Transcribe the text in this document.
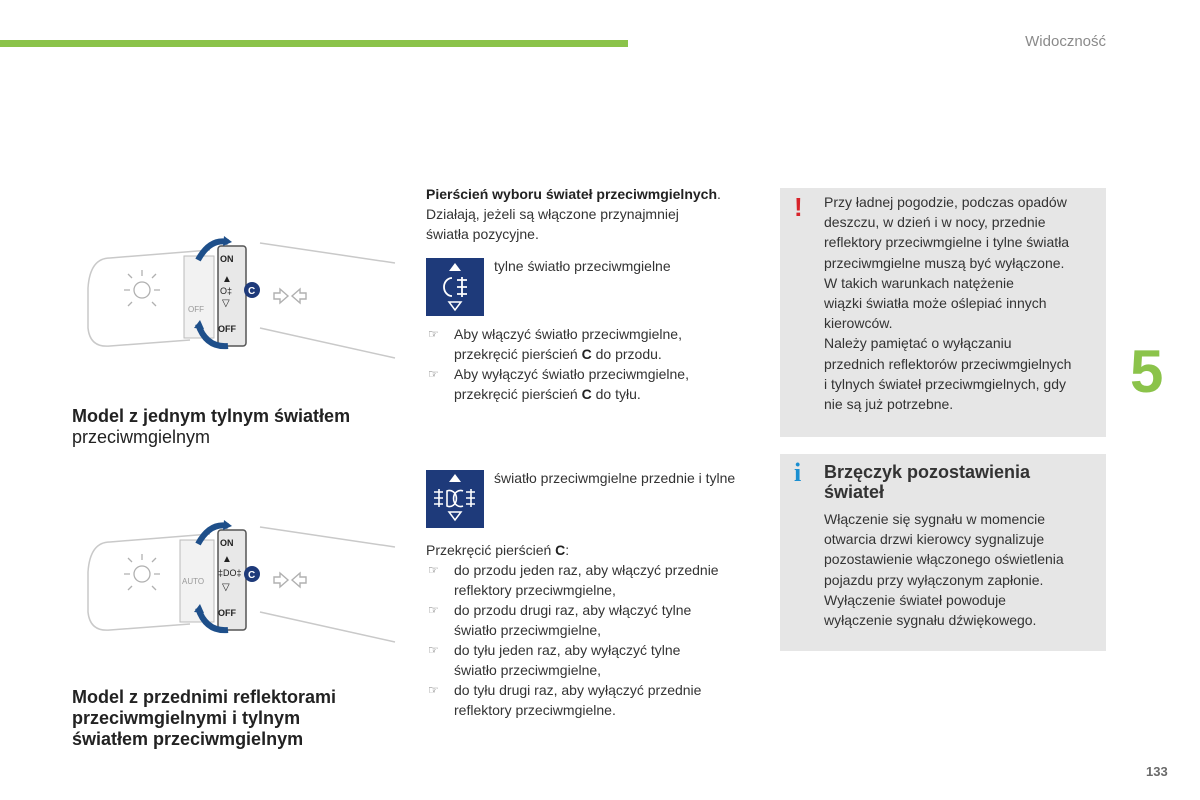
Widoczność
5
133
ON
▲
O‡
▽
OFF
OFF
C
Model z jednym tylnym światłem
przeciwmgielnym
ON
▲
‡DO‡
▽
OFF
AUTO
C
Model z przednimi reflektorami
przeciwmgielnymi i tylnym
światłem przeciwmgielnym
Pierścień wyboru świateł przeciwmgielnych.
Działają, jeżeli są włączone przynajmniej
światła pozycyjne.
tylne światło przeciwmgielne
☞ Aby włączyć światło przeciwmgielne,
przekręcić pierścień C do przodu.
☞ Aby wyłączyć światło przeciwmgielne,
przekręcić pierścień C do tyłu.
światło przeciwmgielne przednie i tylne
Przekręcić pierścień C:
☞ do przodu jeden raz, aby włączyć przednie
reflektory przeciwmgielne,
☞ do przodu drugi raz, aby włączyć tylne
światło przeciwmgielne,
☞ do tyłu jeden raz, aby wyłączyć tylne
światło przeciwmgielne,
☞ do tyłu drugi raz, aby wyłączyć przednie
reflektory przeciwmgielne.
! Przy ładnej pogodzie, podczas opadów
deszczu, w dzień i w nocy, przednie
reflektory przeciwmgielne i tylne światła
przeciwmgielne muszą być wyłączone.
W takich warunkach natężenie
wiązki światła może oślepiać innych
kierowców.
Należy pamiętać o wyłączaniu
przednich reflektorów przeciwmgielnych
i tylnych świateł przeciwmgielnych, gdy
nie są już potrzebne.
i Brzęczyk pozostawienia
świateł
Włączenie się sygnału w momencie
otwarcia drzwi kierowcy sygnalizuje
pozostawienie włączonego oświetlenia
pojazdu przy wyłączonym zapłonie.
Wyłączenie świateł powoduje
wyłączenie sygnału dźwiękowego.
